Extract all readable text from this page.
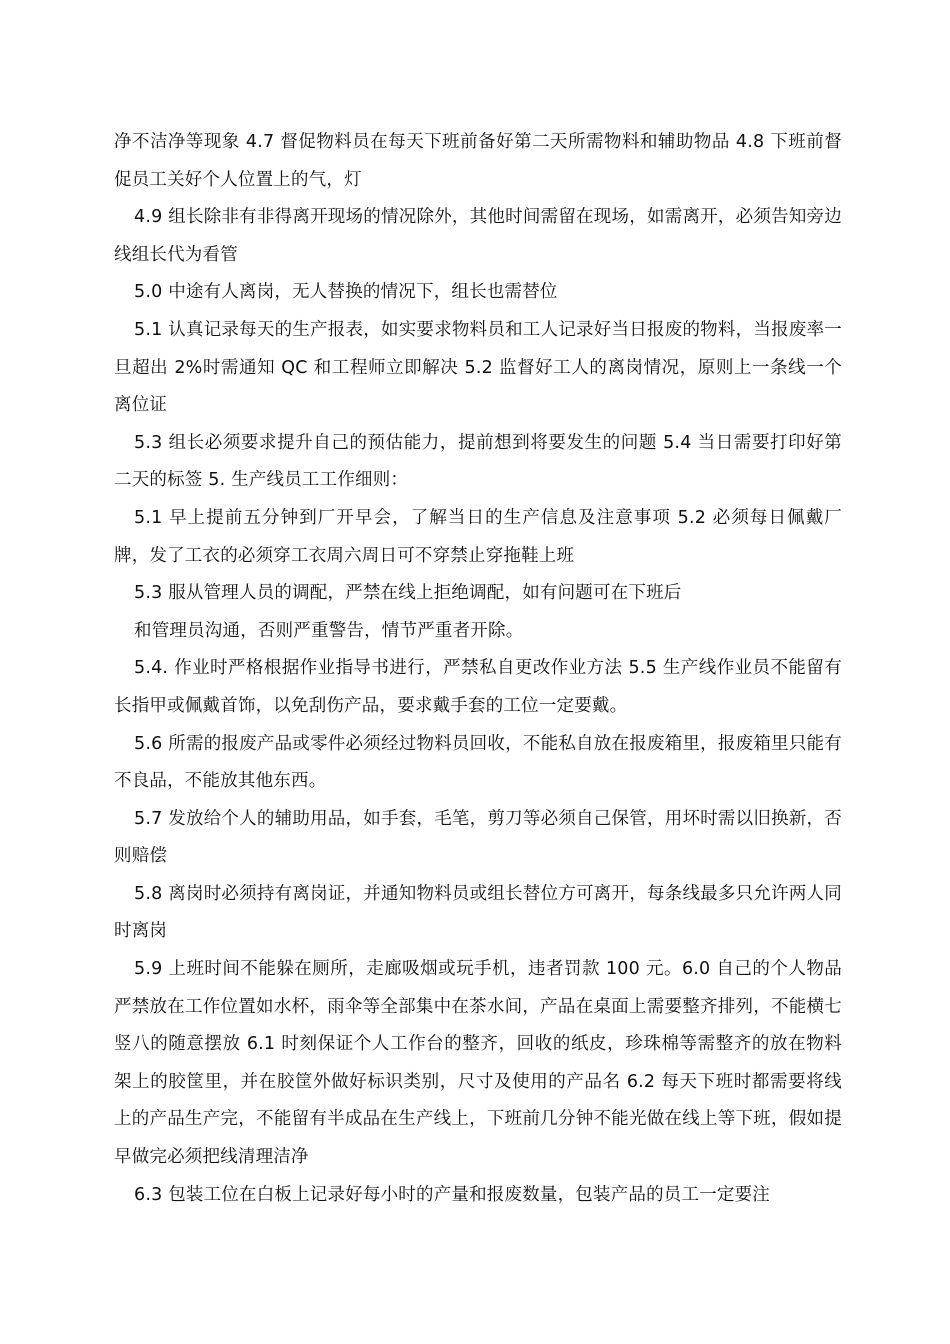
净不洁净等现象 4.7 督促物料员在每天下班前备好第二天所需物料和辅助物品 4.8 下班前督促员工关好个人位置上的气，灯

4.9 组长除非有非得离开现场的情况除外，其他时间需留在现场，如需离开，必须告知旁边线组长代为看管

5.0 中途有人离岗，无人替换的情况下，组长也需替位

5.1 认真记录每天的生产报表，如实要求物料员和工人记录好当日报废的物料，当报废率一旦超出 2%时需通知 QC 和工程师立即解决 5.2 监督好工人的离岗情况，原则上一条线一个离位证

5.3 组长必须要求提升自己的预估能力，提前想到将要发生的问题 5.4 当日需要打印好第二天的标签 5. 生产线员工工作细则：

5.1 早上提前五分钟到厂开早会，了解当日的生产信息及注意事项 5.2 必须每日佩戴厂牌，发了工衣的必须穿工衣周六周日可不穿禁止穿拖鞋上班

5.3 服从管理人员的调配，严禁在线上拒绝调配，如有问题可在下班后

和管理员沟通，否则严重警告，情节严重者开除。

5.4. 作业时严格根据作业指导书进行，严禁私自更改作业方法 5.5 生产线作业员不能留有长指甲或佩戴首饰，以免刮伤产品，要求戴手套的工位一定要戴。

5.6 所需的报废产品或零件必须经过物料员回收，不能私自放在报废箱里，报废箱里只能有不良品，不能放其他东西。

5.7 发放给个人的辅助用品，如手套，毛笔，剪刀等必须自己保管，用坏时需以旧换新，否则赔偿

5.8 离岗时必须持有离岗证，并通知物料员或组长替位方可离开，每条线最多只允许两人同时离岗

5.9 上班时间不能躲在厕所，走廊吸烟或玩手机，违者罚款 100 元。6.0 自己的个人物品严禁放在工作位置如水杯，雨伞等全部集中在茶水间，产品在桌面上需要整齐排列，不能横七竖八的随意摆放 6.1 时刻保证个人工作台的整齐，回收的纸皮，珍珠棉等需整齐的放在物料架上的胶筐里，并在胶筐外做好标识类别，尺寸及使用的产品名 6.2 每天下班时都需要将线上的产品生产完，不能留有半成品在生产线上，下班前几分钟不能光做在线上等下班，假如提早做完必须把线清理洁净

6.3 包装工位在白板上记录好每小时的产量和报废数量，包装产品的员工一定要注
